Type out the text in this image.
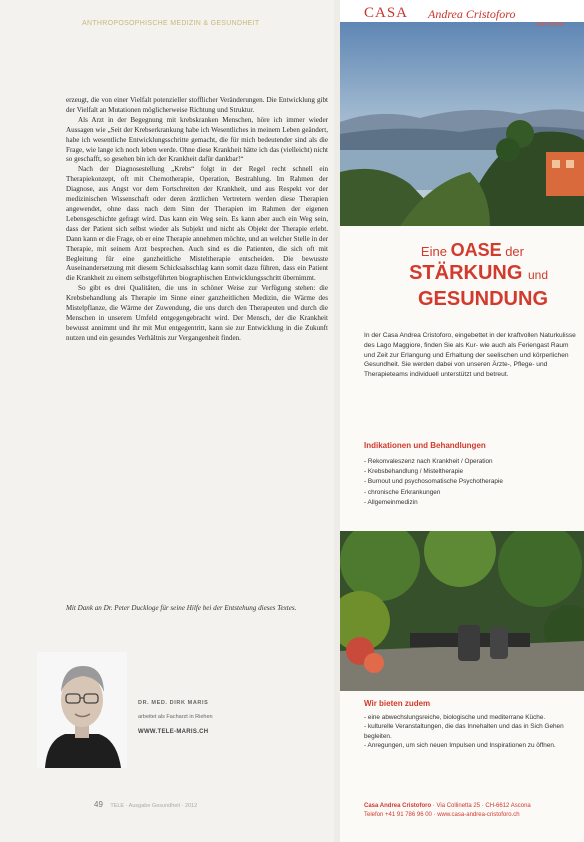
ANTHROPOSOPHISCHE MEDIZIN & GESUNDHEIT

erzeugt, die von einer Vielfalt potenzieller stofflicher Veränderungen. Die Entwicklung gibt der Vielfalt an Mutationen möglicherweise Richtung und Struktur.

Als Arzt in der Begegnung mit krebskranken Menschen, höre ich immer wieder Aussagen wie „Seit der Krebserkrankung habe ich Wesentliches in meinem Leben geändert, habe ich wesentliche Entwicklungsschritte gemacht, die für mich bedeutender sind als die Frage, wie lange ich noch leben werde. Ohne diese Krankheit hätte ich das (vielleicht) nicht so geschafft, so gesehen bin ich der Krankheit dafür dankbar!“

Nach der Diagnosestellung „Krebs“ folgt in der Regel recht schnell ein Therapiekonzept, oft mit Chemotherapie, Operation, Bestrahlung. Im Rahmen der Diagnose, aus Angst vor dem Fortschreiten der Krankheit, und aus Respekt vor der medizinischen Wissenschaft oder deren ärztlichen Vertretern werden diese Therapien angewendet, ohne dass nach dem Sinn der Therapien im Rahmen der eigenen Lebensgeschichte gefragt wird. Das kann ein Weg sein. Es kann aber auch ein Weg sein, dass der Patient sich selbst wieder als Subjekt und nicht als Objekt der Therapie erlebt. Dann kann er die Frage, ob er eine Therapie annehmen möchte, und an welcher Stelle in der Therapie, mit seinem Arzt besprechen. Auch sind es die Patienten, die sich oft mit Begleitung für eine ganzheitliche Misteltherapie entscheiden. Die bewusste Auseinandersetzung mit diesem Schicksalsschlag kann somit dazu führen, dass ein Patient die Krankheit zu einem selbstgeführten biographischen Entwicklungsschritt übernimmt.

So gibt es drei Qualitäten, die uns in schöner Weise zur Verfügung stehen: die Krebsbehandlung als Therapie im Sinne einer ganzheitlichen Medizin, die Wärme des Mistelpflanze, die Wärme der Zuwendung, die uns durch den Therapeuten und durch die Menschen in unserem Umfeld entgegengebracht wird. Der Mensch, der die Krankheit bewusst annimmt und ihr mit Mut entgegentritt, kann sie zur Entwicklung in die Zukunft nutzen und ein gesundes Verhältnis zur Vergangenheit finden.

Mit Dank an Dr. Peter Duckloge für seine Hilfe bei der Entstehung dieses Textes.
DR. MED. DIRK MARIS
arbeitet als Facharzt in Riehen
WWW.TELE-MARIS.CH
49 TELE · Ausgabe Gesundheit · 2012
CASA Andrea Cristoforo
ASCONA
Eine OASE der
STÄRKUNG und
GESUNDUNG
In der Casa Andrea Cristoforo, eingebettet in der kraftvollen Naturkulisse des Lago Maggiore, finden Sie als Kur- wie auch als Feriengast Raum und Zeit zur Erlangung und Erhaltung der seelischen und körperlichen Gesundheit. Sie werden dabei von unseren Ärzte-, Pflege- und Therapieteams individuell unterstützt und betreut.
Indikationen und Behandlungen
- Rekonvaleszenz nach Krankheit / Operation
- Krebsbehandlung / Misteltherapie
- Burnout und psychosomatische Psychotherapie
- chronische Erkrankungen
- Allgemeinmedizin
Wir bieten zudem
- eine abwechslungsreiche, biologische und mediterrane Küche.
- kulturelle Veranstaltungen, die das Innehalten und das in Sich Gehen begleiten.
- Anregungen, um sich neuen Impulsen und Inspirationen zu öffnen.
Casa Andrea Cristoforo · Via Collinetta 25 · CH-6612 Ascona
Telefon +41 91 786 96 00 · www.casa-andrea-cristoforo.ch
